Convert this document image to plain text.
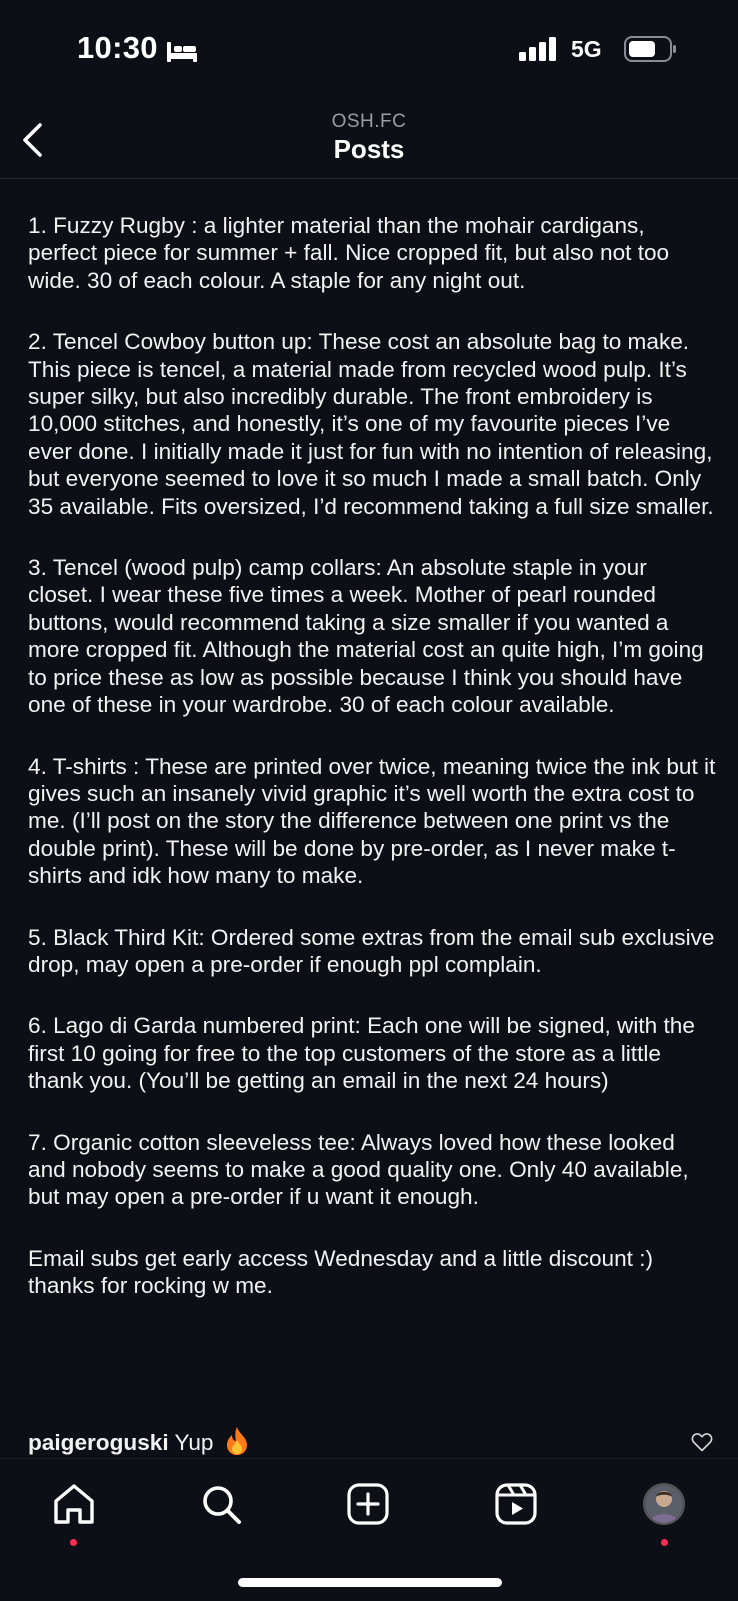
10:30	5G
OSH.FC
Posts

1. Fuzzy Rugby : a lighter material than the mohair cardigans, perfect piece for summer + fall. Nice cropped fit, but also not too wide. 30 of each colour. A staple for any night out.

2. Tencel Cowboy button up: These cost an absolute bag to make. This piece is tencel, a material made from recycled wood pulp. It’s super silky, but also incredibly durable. The front embroidery is 10,000 stitches, and honestly, it’s one of my favourite pieces I’ve ever done. I initially made it just for fun with no intention of releasing, but everyone seemed to love it so much I made a small batch. Only 35 available. Fits oversized, I’d recommend taking a full size smaller.

3. Tencel (wood pulp) camp collars: An absolute staple in your closet. I wear these five times a week. Mother of pearl rounded buttons, would recommend taking a size smaller if you wanted a more cropped fit. Although the material cost an quite high, I’m going to price these as low as possible because I think you should have one of these in your wardrobe. 30 of each colour available.

4. T-shirts : These are printed over twice, meaning twice the ink but it gives such an insanely vivid graphic it’s well worth the extra cost to me. (I’ll post on the story the difference between one print vs the double print). These will be done by pre-order, as I never make t-shirts and idk how many to make.

5. Black Third Kit: Ordered some extras from the email sub exclusive drop, may open a pre-order if enough ppl complain.

6. Lago di Garda numbered print: Each one will be signed, with the first 10 going for free to the top customers of the store as a little thank you. (You’ll be getting an email in the next 24 hours)

7. Organic cotton sleeveless tee: Always loved how these looked and nobody seems to make a good quality one. Only 40 available, but may open a pre-order if u want it enough.

Email subs get early access Wednesday and a little discount :) thanks for rocking w me.

paigeroguski Yup
